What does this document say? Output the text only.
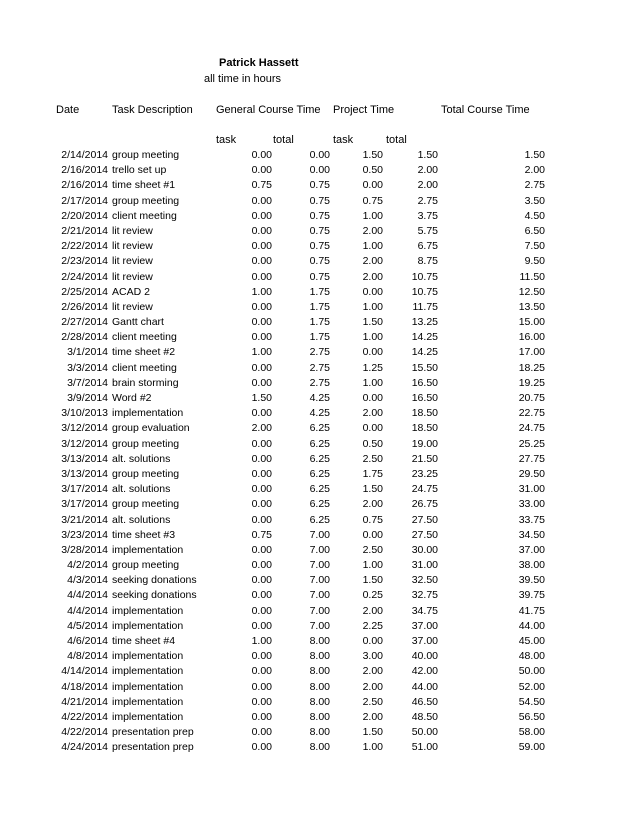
Patrick Hassett
all time in hours
Date	Task Description General Course Time Project Time	Total Course Time
task	total	task	total
2/14/2014 group meeting	0.00	0.00	1.50	1.50	1.50
2/16/2014 trello set up	0.00	0.00	0.50	2.00	2.00
2/16/2014 time sheet #1	0.75	0.75	0.00	2.00	2.75
2/17/2014 group meeting	0.00	0.75	0.75	2.75	3.50
2/20/2014 client meeting	0.00	0.75	1.00	3.75	4.50
2/21/2014 lit review	0.00	0.75	2.00	5.75	6.50
2/22/2014 lit review	0.00	0.75	1.00	6.75	7.50
2/23/2014 lit review	0.00	0.75	2.00	8.75	9.50
2/24/2014 lit review	0.00	0.75	2.00	10.75	11.50
2/25/2014 ACAD 2	1.00	1.75	0.00	10.75	12.50
2/26/2014 lit review	0.00	1.75	1.00	11.75	13.50
2/27/2014 Gantt chart	0.00	1.75	1.50	13.25	15.00
2/28/2014 client meeting	0.00	1.75	1.00	14.25	16.00
3/1/2014 time sheet #2	1.00	2.75	0.00	14.25	17.00
3/3/2014 client meeting	0.00	2.75	1.25	15.50	18.25
3/7/2014 brain storming	0.00	2.75	1.00	16.50	19.25
3/9/2014 Word #2	1.50	4.25	0.00	16.50	20.75
3/10/2013 implementation	0.00	4.25	2.00	18.50	22.75
3/12/2014 group evaluation	2.00	6.25	0.00	18.50	24.75
3/12/2014 group meeting	0.00	6.25	0.50	19.00	25.25
3/13/2014 alt. solutions	0.00	6.25	2.50	21.50	27.75
3/13/2014 group meeting	0.00	6.25	1.75	23.25	29.50
3/17/2014 alt. solutions	0.00	6.25	1.50	24.75	31.00
3/17/2014 group meeting	0.00	6.25	2.00	26.75	33.00
3/21/2014 alt. solutions	0.00	6.25	0.75	27.50	33.75
3/23/2014 time sheet #3	0.75	7.00	0.00	27.50	34.50
3/28/2014 implementation	0.00	7.00	2.50	30.00	37.00
4/2/2014 group meeting	0.00	7.00	1.00	31.00	38.00
4/3/2014 seeking donations	0.00	7.00	1.50	32.50	39.50
4/4/2014 seeking donations	0.00	7.00	0.25	32.75	39.75
4/4/2014 implementation	0.00	7.00	2.00	34.75	41.75
4/5/2014 implementation	0.00	7.00	2.25	37.00	44.00
4/6/2014 time sheet #4	1.00	8.00	0.00	37.00	45.00
4/8/2014 implementation	0.00	8.00	3.00	40.00	48.00
4/14/2014 implementation	0.00	8.00	2.00	42.00	50.00
4/18/2014 implementation	0.00	8.00	2.00	44.00	52.00
4/21/2014 implementation	0.00	8.00	2.50	46.50	54.50
4/22/2014 implementation	0.00	8.00	2.00	48.50	56.50
4/22/2014 presentation prep	0.00	8.00	1.50	50.00	58.00
4/24/2014 presentation prep	0.00	8.00	1.00	51.00	59.00
